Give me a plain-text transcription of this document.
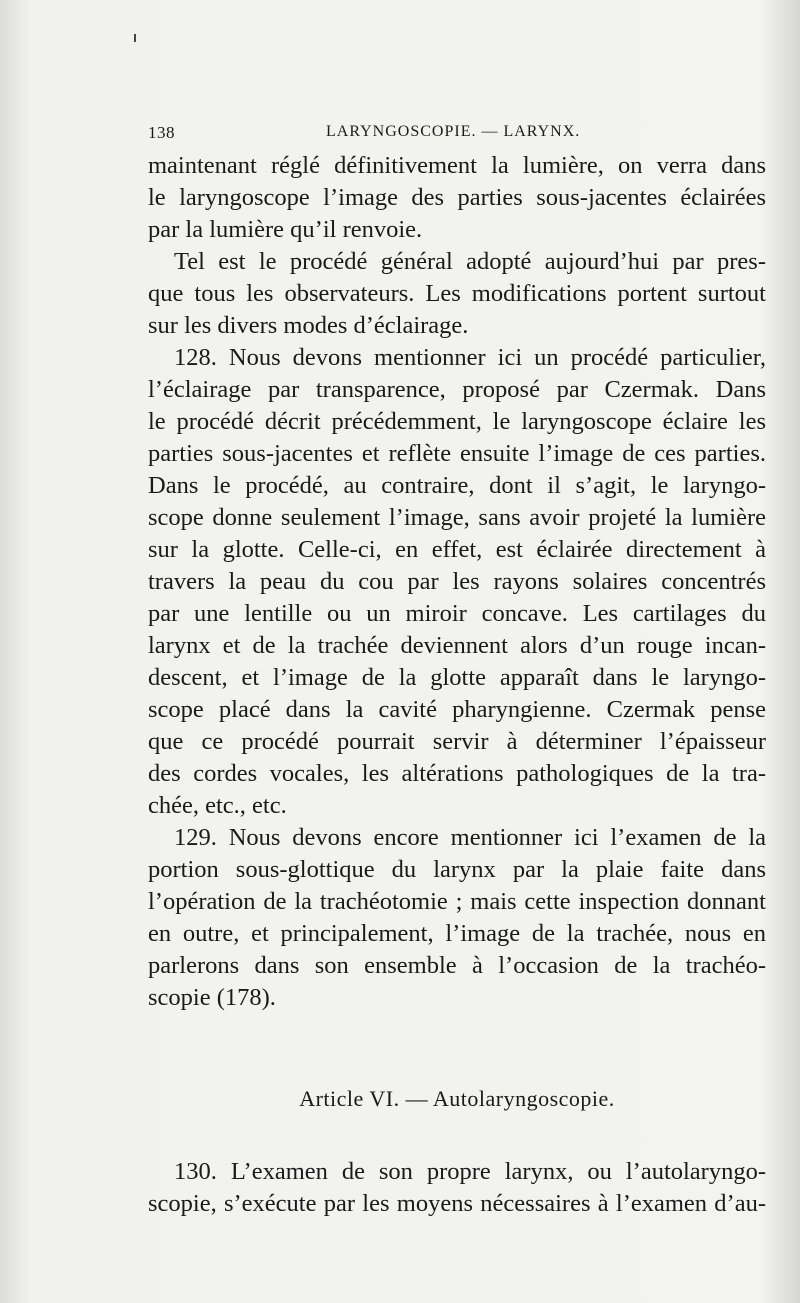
138	LARYNGOSCOPIE. — LARYNX.
maintenant réglé définitivement la lumière, on verra dans
le laryngoscope l’image des parties sous-jacentes éclairées
par la lumière qu’il renvoie.
Tel est le procédé général adopté aujourd’hui par pres-
que tous les observateurs. Les modifications portent surtout
sur les divers modes d’éclairage.
128. Nous devons mentionner ici un procédé particulier,
l’éclairage par transparence, proposé par Czermak. Dans
le procédé décrit précédemment, le laryngoscope éclaire les
parties sous-jacentes et reflète ensuite l’image de ces parties.
Dans le procédé, au contraire, dont il s’agit, le laryngo-
scope donne seulement l’image, sans avoir projeté la lumière
sur la glotte. Celle-ci, en effet, est éclairée directement à
travers la peau du cou par les rayons solaires concentrés
par une lentille ou un miroir concave. Les cartilages du
larynx et de la trachée deviennent alors d’un rouge incan-
descent, et l’image de la glotte apparaît dans le laryngo-
scope placé dans la cavité pharyngienne. Czermak pense
que ce procédé pourrait servir à déterminer l’épaisseur
des cordes vocales, les altérations pathologiques de la tra-
chée, etc., etc.
129. Nous devons encore mentionner ici l’examen de la
portion sous-glottique du larynx par la plaie faite dans
l’opération de la trachéotomie ; mais cette inspection donnant
en outre, et principalement, l’image de la trachée, nous en
parlerons dans son ensemble à l’occasion de la trachéo-
scopie (178).
Article VI. — Autolaryngoscopie.
130. L’examen de son propre larynx, ou l’autolaryngo-
scopie, s’exécute par les moyens nécessaires à l’examen d’au-
